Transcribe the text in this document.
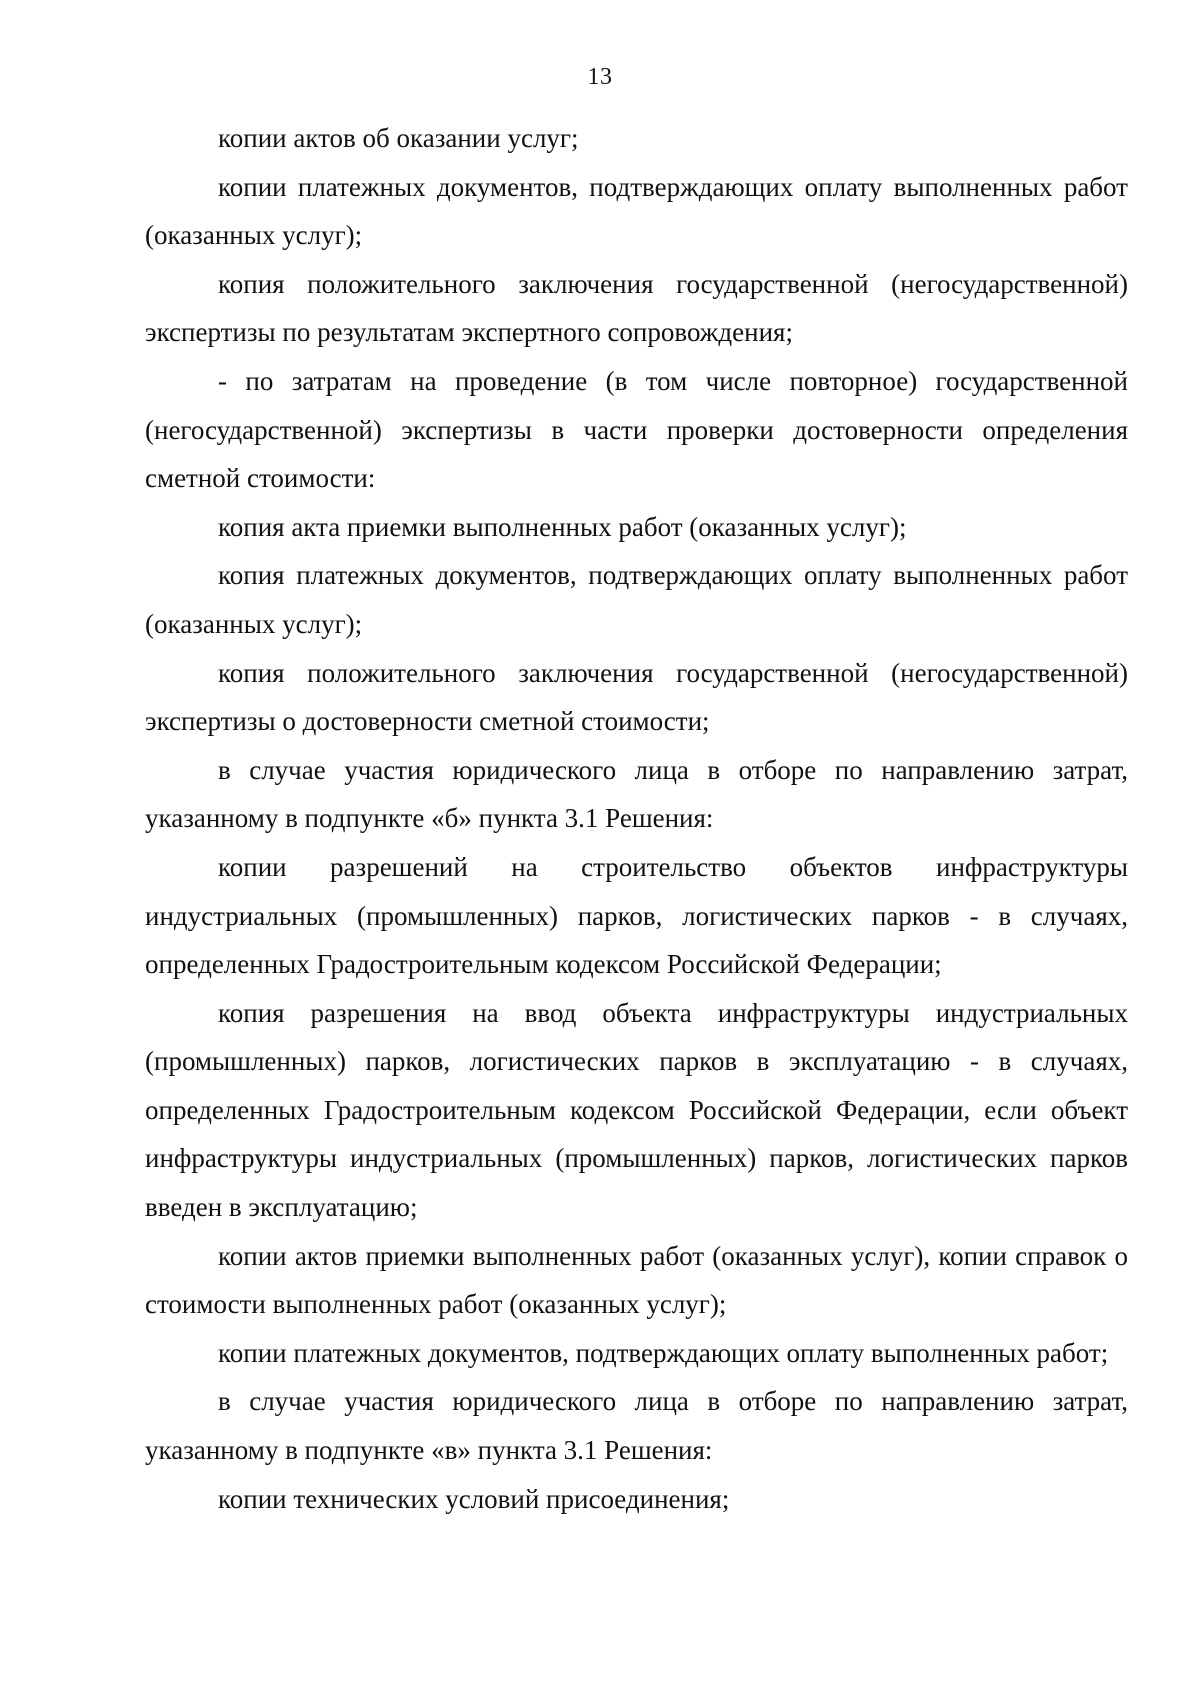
13

копии актов об оказании услуг;

копии платежных документов, подтверждающих оплату выполненных работ (оказанных услуг);

копия положительного заключения государственной (негосударственной) экспертизы по результатам экспертного сопровождения;

- по затратам на проведение (в том числе повторное) государственной (негосударственной) экспертизы в части проверки достоверности определения сметной стоимости:

копия акта приемки выполненных работ (оказанных услуг);

копия платежных документов, подтверждающих оплату выполненных работ (оказанных услуг);

копия положительного заключения государственной (негосударственной) экспертизы о достоверности сметной стоимости;

в случае участия юридического лица в отборе по направлению затрат, указанному в подпункте «б» пункта 3.1 Решения:

копии разрешений на строительство объектов инфраструктуры индустриальных (промышленных) парков, логистических парков - в случаях, определенных Градостроительным кодексом Российской Федерации;

копия разрешения на ввод объекта инфраструктуры индустриальных (промышленных) парков, логистических парков в эксплуатацию - в случаях, определенных Градостроительным кодексом Российской Федерации, если объект инфраструктуры индустриальных (промышленных) парков, логистических парков введен в эксплуатацию;

копии актов приемки выполненных работ (оказанных услуг), копии справок о стоимости выполненных работ (оказанных услуг);

копии платежных документов, подтверждающих оплату выполненных работ;

в случае участия юридического лица в отборе по направлению затрат, указанному в подпункте «в» пункта 3.1 Решения:

копии технических условий присоединения;
